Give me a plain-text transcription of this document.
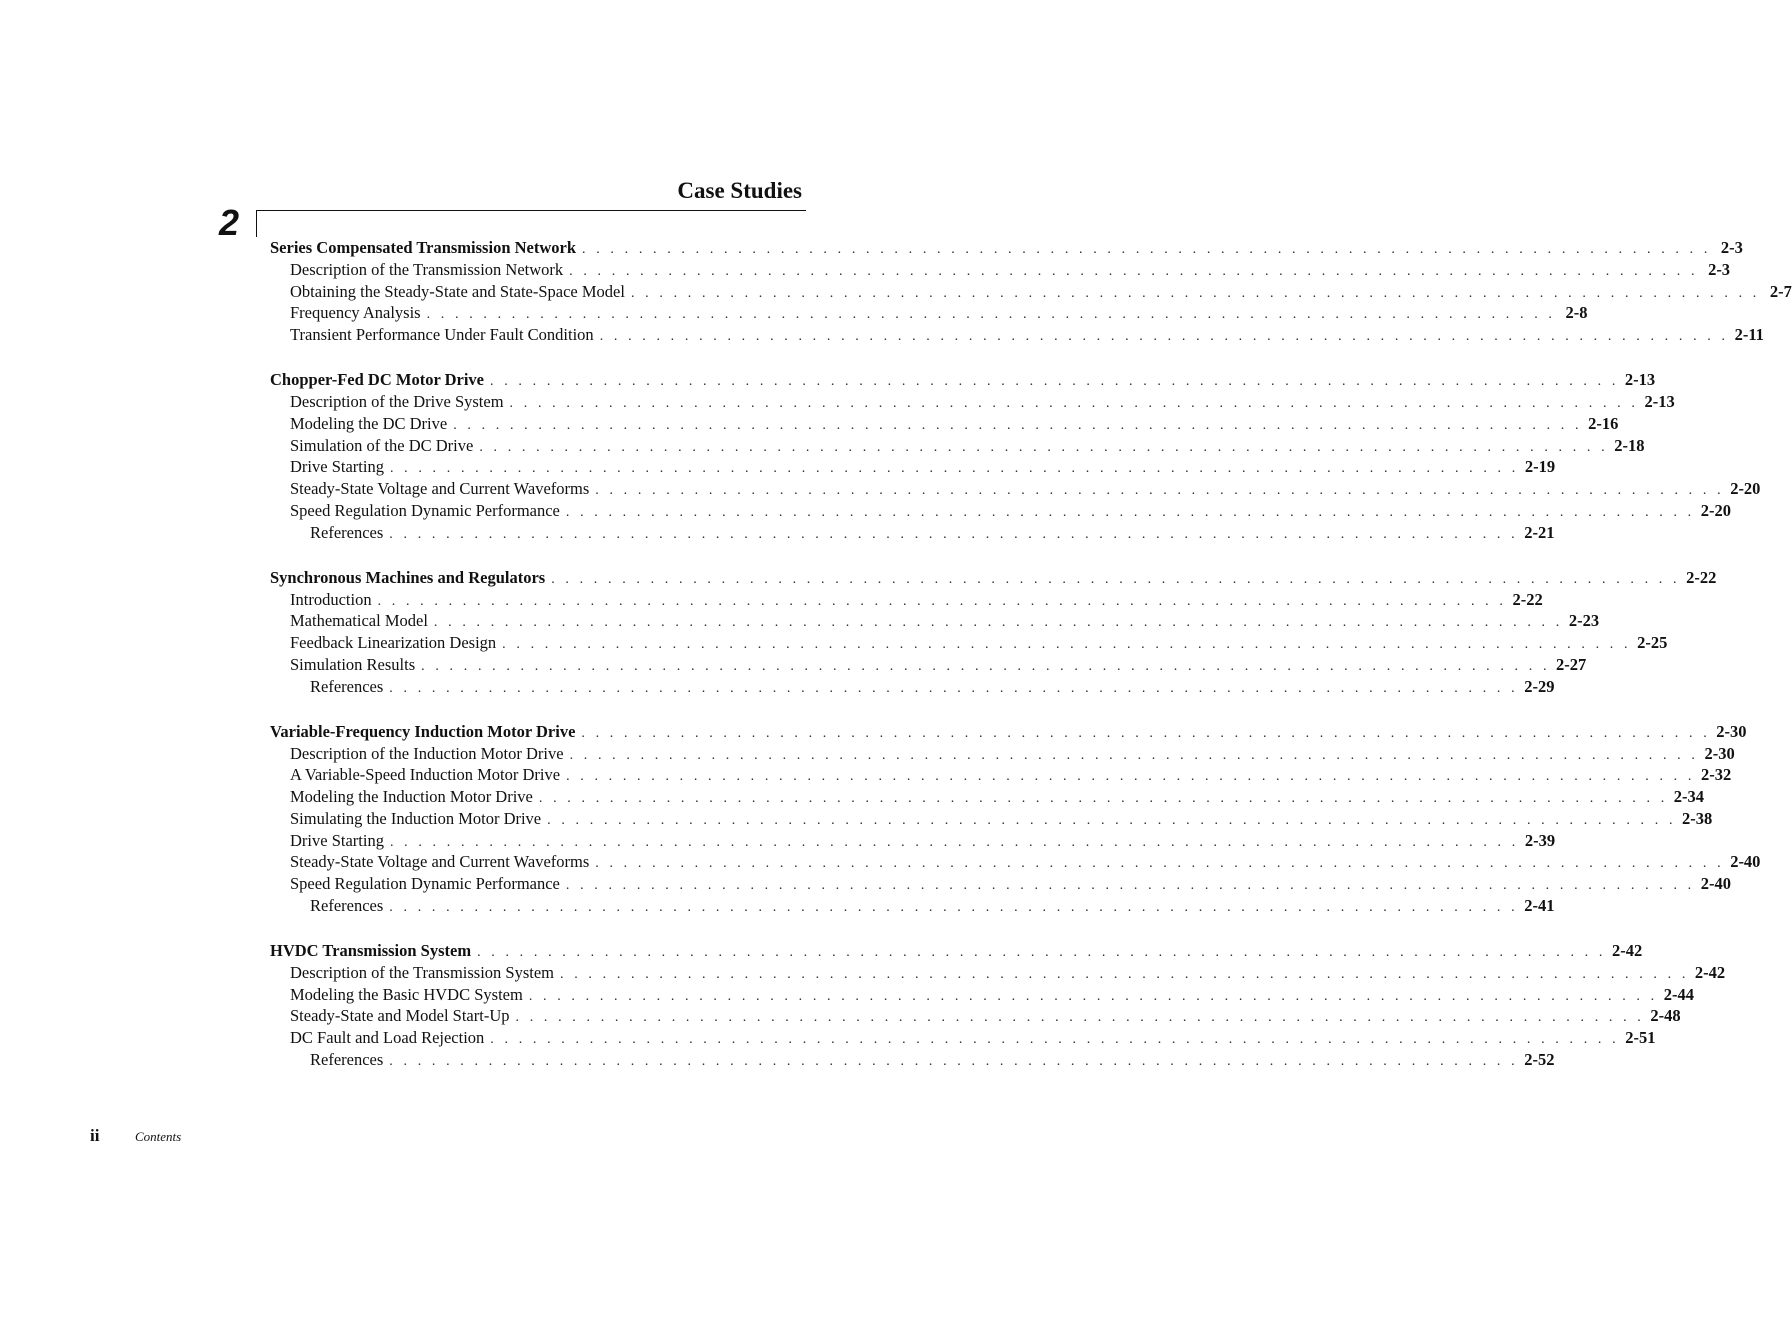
2
Case Studies
Series Compensated Transmission Network . . . . . . . . . . . . . . . . . . . . . . . . . . . . . . . . . . . . . . . . . . . . . . . . . . . . . . . . . . . . . . . . . . . . . . . . . . . . . . . . 2-3
Description of the Transmission Network . . . . . . . . . . . . . . . . . . . . . . . . . . . . . . . . . . . . . . . . . . . . . . . . . . . . . . . . . . . . . . . . . . . . . . . . . . . . . . . . 2-3
Obtaining the Steady-State and State-Space Model . . . . . . . . . . . . . . . . . . . . . . . . . . . . . . . . . . . . . . . . . . . . . . . . . . . . . . . . . . . . . . . . . . . . . . . . . . . . . . . . 2-7
Frequency Analysis . . . . . . . . . . . . . . . . . . . . . . . . . . . . . . . . . . . . . . . . . . . . . . . . . . . . . . . . . . . . . . . . . . . . . . . . . . . . . . . . 2-8
Transient Performance Under Fault Condition . . . . . . . . . . . . . . . . . . . . . . . . . . . . . . . . . . . . . . . . . . . . . . . . . . . . . . . . . . . . . . . . . . . . . . . . . . . . . . . . 2-11
Chopper-Fed DC Motor Drive . . . . . . . . . . . . . . . . . . . . . . . . . . . . . . . . . . . . . . . . . . . . . . . . . . . . . . . . . . . . . . . . . . . . . . . . . . . . . . . . 2-13
Description of the Drive System . . . . . . . . . . . . . . . . . . . . . . . . . . . . . . . . . . . . . . . . . . . . . . . . . . . . . . . . . . . . . . . . . . . . . . . . . . . . . . . . 2-13
Modeling the DC Drive . . . . . . . . . . . . . . . . . . . . . . . . . . . . . . . . . . . . . . . . . . . . . . . . . . . . . . . . . . . . . . . . . . . . . . . . . . . . . . . . 2-16
Simulation of the DC Drive . . . . . . . . . . . . . . . . . . . . . . . . . . . . . . . . . . . . . . . . . . . . . . . . . . . . . . . . . . . . . . . . . . . . . . . . . . . . . . . . 2-18
Drive Starting . . . . . . . . . . . . . . . . . . . . . . . . . . . . . . . . . . . . . . . . . . . . . . . . . . . . . . . . . . . . . . . . . . . . . . . . . . . . . . . . 2-19
Steady-State Voltage and Current Waveforms . . . . . . . . . . . . . . . . . . . . . . . . . . . . . . . . . . . . . . . . . . . . . . . . . . . . . . . . . . . . . . . . . . . . . . . . . . . . . . . . 2-20
Speed Regulation Dynamic Performance . . . . . . . . . . . . . . . . . . . . . . . . . . . . . . . . . . . . . . . . . . . . . . . . . . . . . . . . . . . . . . . . . . . . . . . . . . . . . . . . 2-20
References . . . . . . . . . . . . . . . . . . . . . . . . . . . . . . . . . . . . . . . . . . . . . . . . . . . . . . . . . . . . . . . . . . . . . . . . . . . . . . . . 2-21
Synchronous Machines and Regulators . . . . . . . . . . . . . . . . . . . . . . . . . . . . . . . . . . . . . . . . . . . . . . . . . . . . . . . . . . . . . . . . . . . . . . . . . . . . . . . . 2-22
Introduction . . . . . . . . . . . . . . . . . . . . . . . . . . . . . . . . . . . . . . . . . . . . . . . . . . . . . . . . . . . . . . . . . . . . . . . . . . . . . . . . 2-22
Mathematical Model . . . . . . . . . . . . . . . . . . . . . . . . . . . . . . . . . . . . . . . . . . . . . . . . . . . . . . . . . . . . . . . . . . . . . . . . . . . . . . . . 2-23
Feedback Linearization Design . . . . . . . . . . . . . . . . . . . . . . . . . . . . . . . . . . . . . . . . . . . . . . . . . . . . . . . . . . . . . . . . . . . . . . . . . . . . . . . . 2-25
Simulation Results . . . . . . . . . . . . . . . . . . . . . . . . . . . . . . . . . . . . . . . . . . . . . . . . . . . . . . . . . . . . . . . . . . . . . . . . . . . . . . . . 2-27
References . . . . . . . . . . . . . . . . . . . . . . . . . . . . . . . . . . . . . . . . . . . . . . . . . . . . . . . . . . . . . . . . . . . . . . . . . . . . . . . . 2-29
Variable-Frequency Induction Motor Drive . . . . . . . . . . . . . . . . . . . . . . . . . . . . . . . . . . . . . . . . . . . . . . . . . . . . . . . . . . . . . . . . . . . . . . . . . . . . . . . . 2-30
Description of the Induction Motor Drive . . . . . . . . . . . . . . . . . . . . . . . . . . . . . . . . . . . . . . . . . . . . . . . . . . . . . . . . . . . . . . . . . . . . . . . . . . . . . . . . 2-30
A Variable-Speed Induction Motor Drive . . . . . . . . . . . . . . . . . . . . . . . . . . . . . . . . . . . . . . . . . . . . . . . . . . . . . . . . . . . . . . . . . . . . . . . . . . . . . . . . 2-32
Modeling the Induction Motor Drive . . . . . . . . . . . . . . . . . . . . . . . . . . . . . . . . . . . . . . . . . . . . . . . . . . . . . . . . . . . . . . . . . . . . . . . . . . . . . . . . 2-34
Simulating the Induction Motor Drive . . . . . . . . . . . . . . . . . . . . . . . . . . . . . . . . . . . . . . . . . . . . . . . . . . . . . . . . . . . . . . . . . . . . . . . . . . . . . . . . 2-38
Drive Starting . . . . . . . . . . . . . . . . . . . . . . . . . . . . . . . . . . . . . . . . . . . . . . . . . . . . . . . . . . . . . . . . . . . . . . . . . . . . . . . . 2-39
Steady-State Voltage and Current Waveforms . . . . . . . . . . . . . . . . . . . . . . . . . . . . . . . . . . . . . . . . . . . . . . . . . . . . . . . . . . . . . . . . . . . . . . . . . . . . . . . . 2-40
Speed Regulation Dynamic Performance . . . . . . . . . . . . . . . . . . . . . . . . . . . . . . . . . . . . . . . . . . . . . . . . . . . . . . . . . . . . . . . . . . . . . . . . . . . . . . . . 2-40
References . . . . . . . . . . . . . . . . . . . . . . . . . . . . . . . . . . . . . . . . . . . . . . . . . . . . . . . . . . . . . . . . . . . . . . . . . . . . . . . . 2-41
HVDC Transmission System . . . . . . . . . . . . . . . . . . . . . . . . . . . . . . . . . . . . . . . . . . . . . . . . . . . . . . . . . . . . . . . . . . . . . . . . . . . . . . . . 2-42
Description of the Transmission System . . . . . . . . . . . . . . . . . . . . . . . . . . . . . . . . . . . . . . . . . . . . . . . . . . . . . . . . . . . . . . . . . . . . . . . . . . . . . . . . 2-42
Modeling the Basic HVDC System . . . . . . . . . . . . . . . . . . . . . . . . . . . . . . . . . . . . . . . . . . . . . . . . . . . . . . . . . . . . . . . . . . . . . . . . . . . . . . . . 2-44
Steady-State and Model Start-Up . . . . . . . . . . . . . . . . . . . . . . . . . . . . . . . . . . . . . . . . . . . . . . . . . . . . . . . . . . . . . . . . . . . . . . . . . . . . . . . . 2-48
DC Fault and Load Rejection . . . . . . . . . . . . . . . . . . . . . . . . . . . . . . . . . . . . . . . . . . . . . . . . . . . . . . . . . . . . . . . . . . . . . . . . . . . . . . . . 2-51
References . . . . . . . . . . . . . . . . . . . . . . . . . . . . . . . . . . . . . . . . . . . . . . . . . . . . . . . . . . . . . . . . . . . . . . . . . . . . . . . . 2-52
ii	Contents
